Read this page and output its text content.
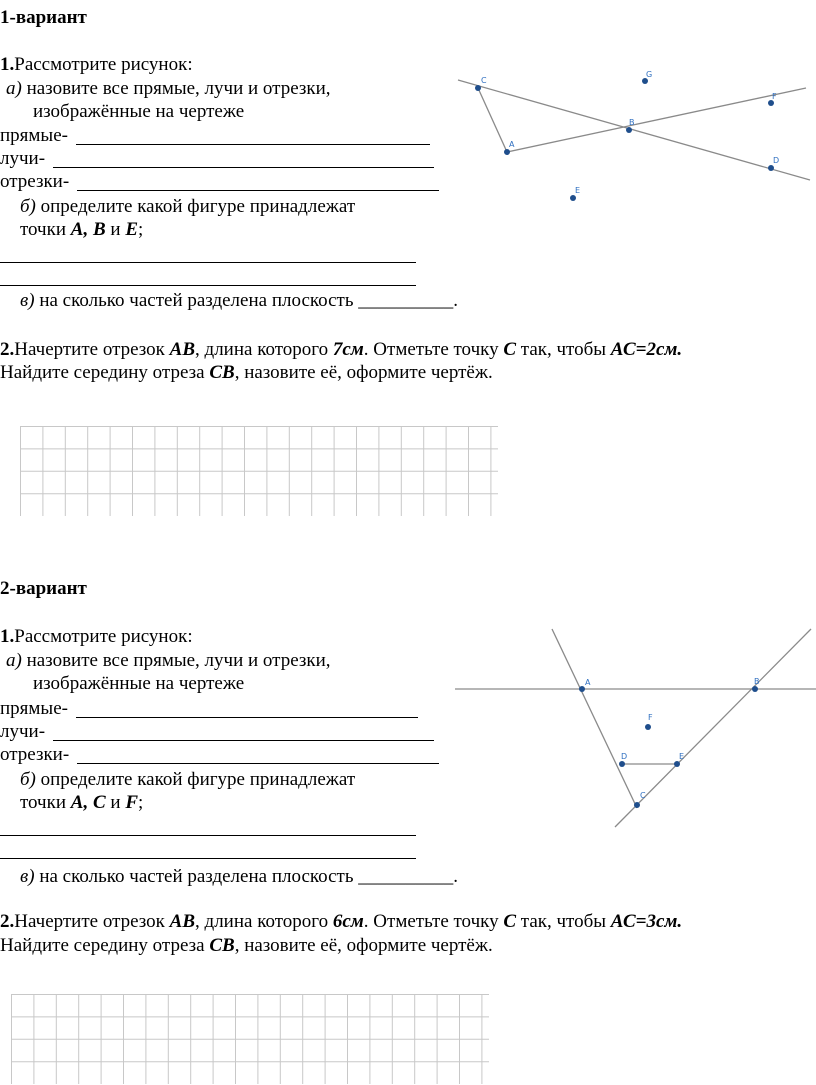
1-вариант
1.Рассмотрите рисунок:
а) назовите все прямые, лучи и отрезки,
изображённые на чертеже
прямые-
лучи-
отрезки-
б) определите какой фигуре принадлежат
точки А, В и Е;
в) на сколько частей разделена плоскость __________.
2.Начертите отрезок АВ, длина которого 7см. Отметьте точку С так, чтобы АС=2см.
Найдите середину отреза СВ, назовите её, оформите чертёж.
C
G
F
B
A
D
E
2-вариант
1.Рассмотрите рисунок:
а) назовите все прямые, лучи и отрезки,
изображённые на чертеже
прямые-
лучи-
отрезки-
б) определите какой фигуре принадлежат
точки А, С и F;
в) на сколько частей разделена плоскость __________.
2.Начертите отрезок АВ, длина которого 6см. Отметьте точку С так, чтобы АС=3см.
Найдите середину отреза СВ, назовите её, оформите чертёж.
A	B
F
D	E
C
